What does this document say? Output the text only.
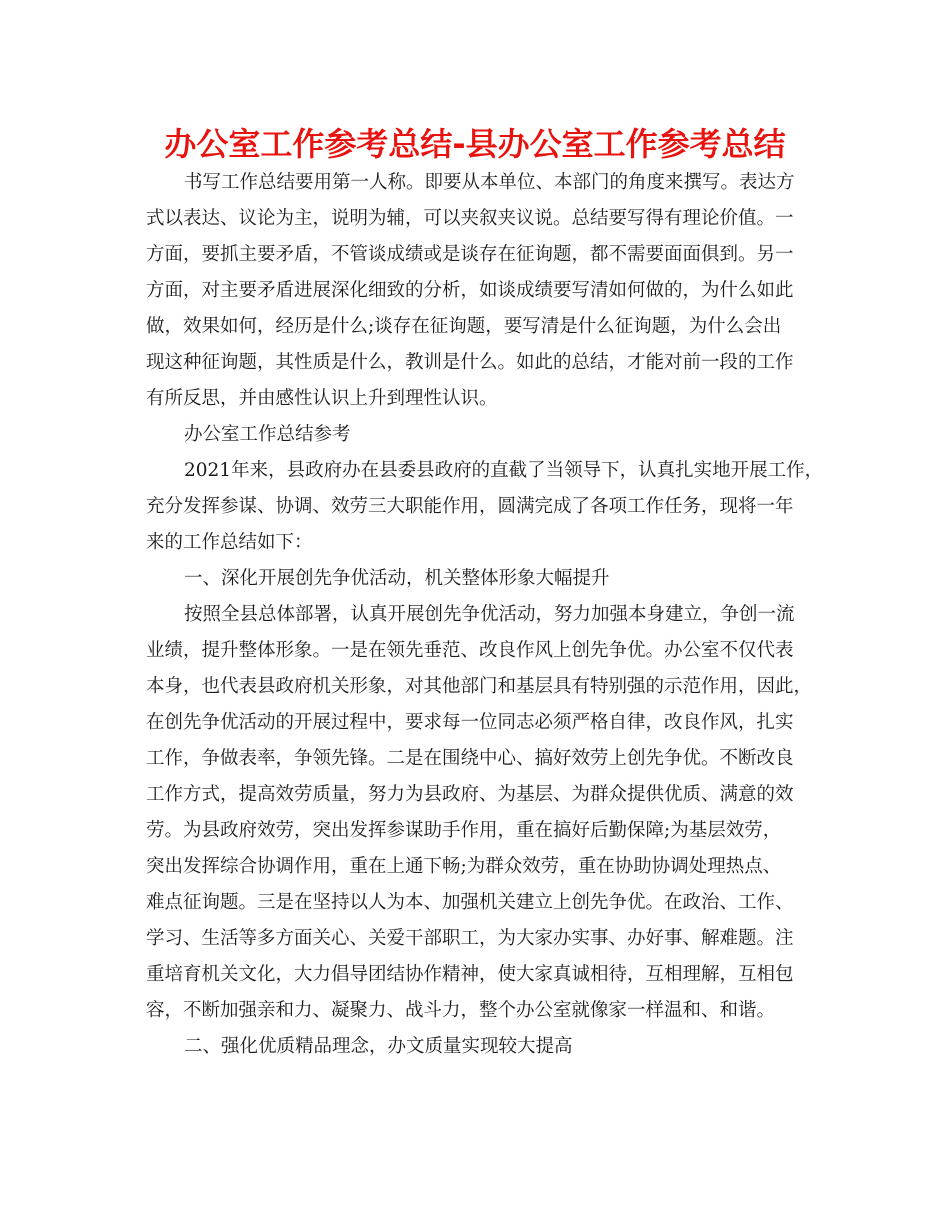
办公室工作参考总结-县办公室工作参考总结
书写工作总结要用第一人称。即要从本单位、本部门的角度来撰写。表达方
式以表达、议论为主，说明为辅，可以夹叙夹议说。总结要写得有理论价值。一
方面，要抓主要矛盾，不管谈成绩或是谈存在征询题，都不需要面面俱到。另一
方面，对主要矛盾进展深化细致的分析，如谈成绩要写清如何做的，为什么如此
做，效果如何，经历是什么;谈存在征询题，要写清是什么征询题，为什么会出
现这种征询题，其性质是什么，教训是什么。如此的总结，才能对前一段的工作
有所反思，并由感性认识上升到理性认识。
办公室工作总结参考
2021年来，县政府办在县委县政府的直截了当领导下，认真扎实地开展工作，
充分发挥参谋、协调、效劳三大职能作用，圆满完成了各项工作任务，现将一年
来的工作总结如下：
一、深化开展创先争优活动，机关整体形象大幅提升
按照全县总体部署，认真开展创先争优活动，努力加强本身建立，争创一流
业绩，提升整体形象。一是在领先垂范、改良作风上创先争优。办公室不仅代表
本身，也代表县政府机关形象，对其他部门和基层具有特别强的示范作用，因此，
在创先争优活动的开展过程中，要求每一位同志必须严格自律，改良作风，扎实
工作，争做表率，争领先锋。二是在围绕中心、搞好效劳上创先争优。不断改良
工作方式，提高效劳质量，努力为县政府、为基层、为群众提供优质、满意的效
劳。为县政府效劳，突出发挥参谋助手作用，重在搞好后勤保障;为基层效劳，
突出发挥综合协调作用，重在上通下畅;为群众效劳，重在协助协调处理热点、
难点征询题。三是在坚持以人为本、加强机关建立上创先争优。在政治、工作、
学习、生活等多方面关心、关爱干部职工，为大家办实事、办好事、解难题。注
重培育机关文化，大力倡导团结协作精神，使大家真诚相待，互相理解，互相包
容，不断加强亲和力、凝聚力、战斗力，整个办公室就像家一样温和、和谐。
二、强化优质精品理念，办文质量实现较大提高
